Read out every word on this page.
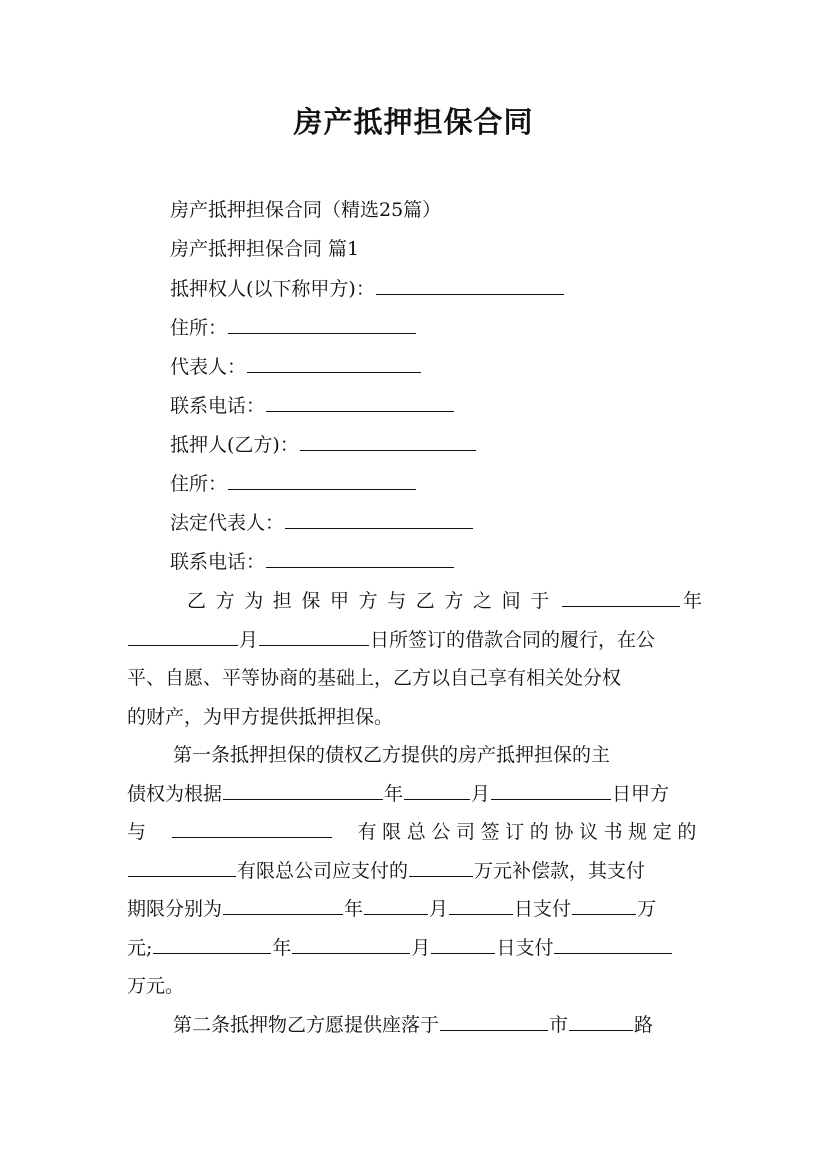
房产抵押担保合同
房产抵押担保合同（精选25篇）
房产抵押担保合同 篇1
抵押权人(以下称甲方)：
住所：
代表人：
联系电话：
抵押人(乙方)：
住所：
法定代表人：
联系电话：
乙方为担保甲方与乙方之间于	年
月	日所签订的借款合同的履行，在公
平、自愿、平等协商的基础上，乙方以自己享有相关处分权
的财产，为甲方提供抵押担保。
第一条抵押担保的债权乙方提供的房产抵押担保的主
债权为根据	年	月	日甲方
与	有限总公司签订的协议书规定的
有限总公司应支付的	万元补偿款，其支付
期限分别为	年	月	日支付	万
元;	年	月	日支付
万元。
第二条抵押物乙方愿提供座落于	市	路
